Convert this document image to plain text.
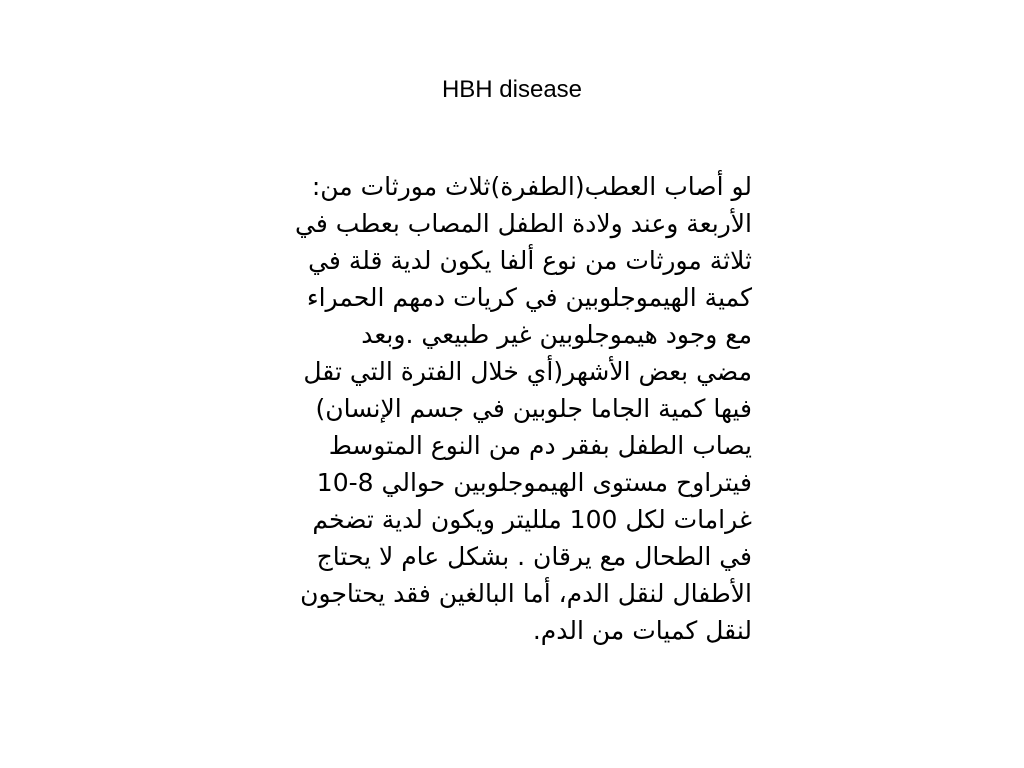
HBH disease
لو أصاب العطب(الطفرة)ثلاث مورثات من:
الأربعة وعند ولادة الطفل المصاب بعطب في
ثلاثة مورثات من نوع ألفا يكون لدية قلة في
كمية الهيموجلوبين في كريات دمهم الحمراء
مع وجود هيموجلوبين غير طبيعي .وبعد
مضي بعض الأشهر(أي خلال الفترة التي تقل
فيها كمية الجاما جلوبين في جسم الإنسان)
يصاب الطفل بفقر دم من النوع المتوسط
فيتراوح مستوى الهيموجلوبين حوالي 8-10
غرامات لكل 100 ملليتر ويكون لدية تضخم
في الطحال مع يرقان . بشكل عام لا يحتاج
الأطفال لنقل الدم، أما البالغين فقد يحتاجون
لنقل كميات من الدم.
